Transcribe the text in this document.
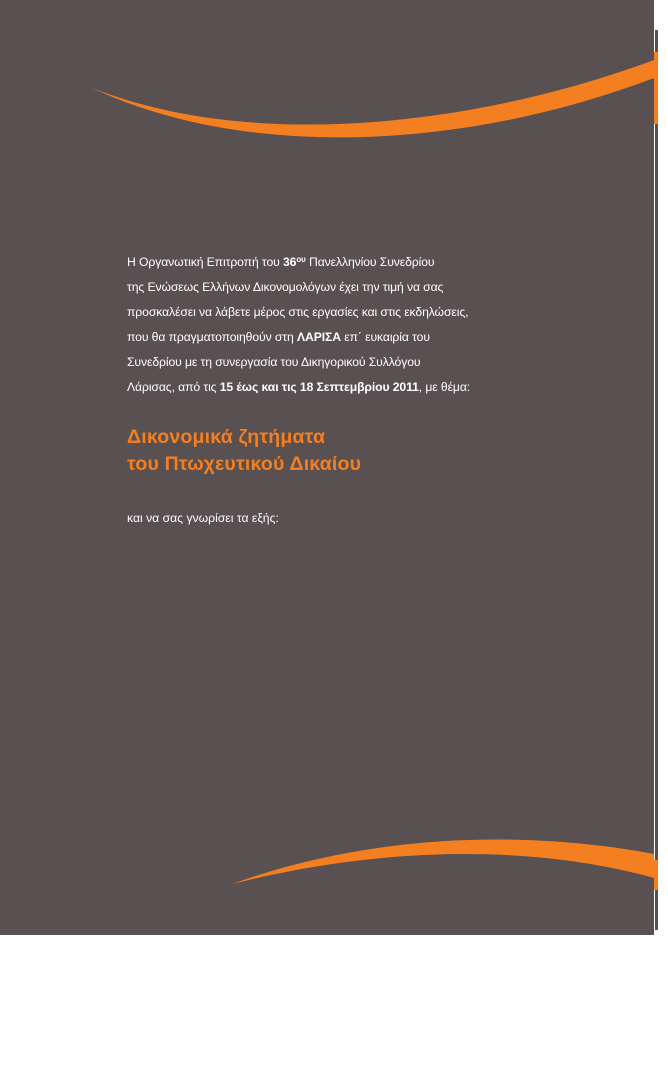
Η Οργανωτική Επιτροπή του $36^{o\upsilon}$ Πανελληνίου Συνεδρίου

της Ενώσεως Ελλήνων Δικονομολόγων έχει την τιμή να σας

προσκαλέσει να λάβετε μέρος στις εργασίες και στις εκδηλώσεις,

που θα πραγματοποιηθούν στη ΛΑΡΙΣΑ επ΄ ευκαιρία του

Συνεδρίου με τη συνεργασία του Δικηγορικού Συλλόγου

Λάρισας, από τις 15 έως και τις 18 Σεπτεμβρίου 2011, με θέμα:

Δικονομικά ζητήματα
του Πτωχευτικού Δικαίου
και να σας γνωρίσει τα εξής:
